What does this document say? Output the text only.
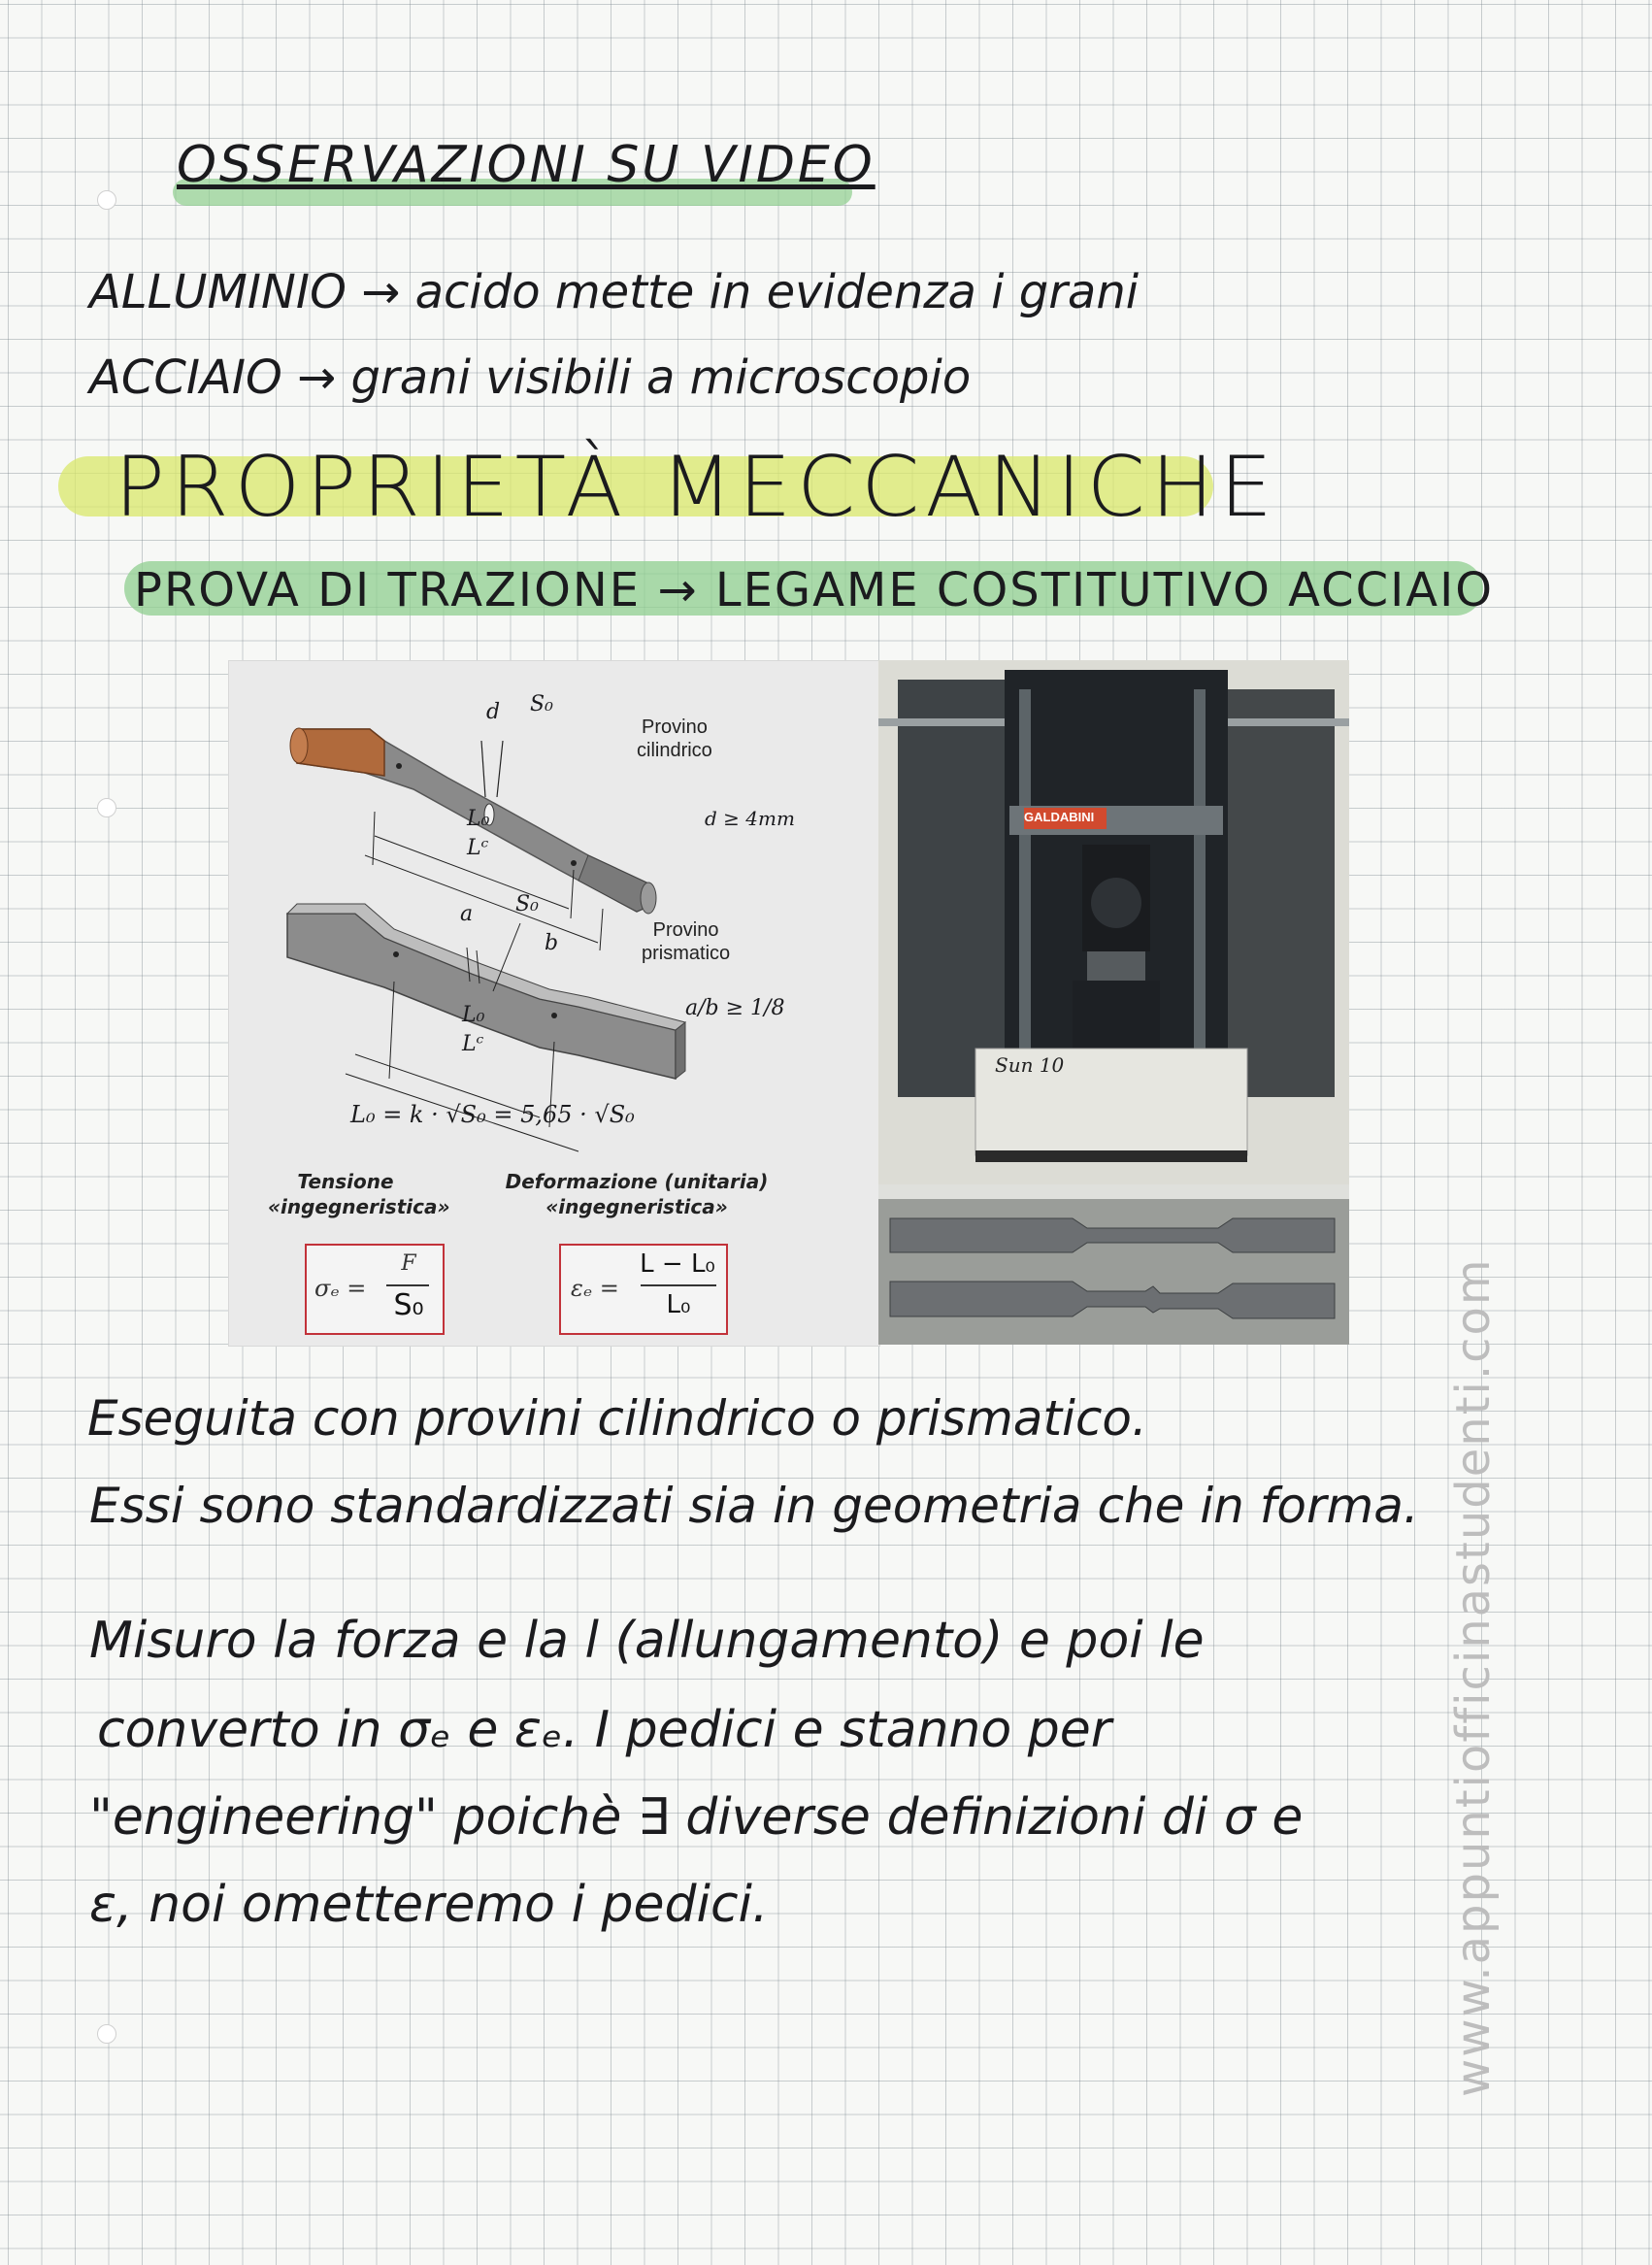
OSSERVAZIONI SU VIDEO
ALLUMINIO → acido mette in evidenza i grani
ACCIAIO → grani visibili a microscopio
PROPRIETÀ MECCANICHE
PROVA DI TRAZIONE → LEGAME COSTITUTIVO ACCIAIO
d S₀
L₀
Lᶜ
Provino
cilindrico
d ≥ 4mm
a S₀
b
Provino
prismatico
a/b ≥ 1/8
L₀
Lᶜ
L₀ = k · √S₀ = 5,65 · √S₀
Tensione
«ingegneristica»
Deformazione (unitaria)
«ingegneristica»
σₑ =
F
S₀	εₑ =
L − L₀
L₀
GALDABINI
Sun 10
Eseguita con provini cilindrico o prismatico.
Essi sono standardizzati sia in geometria che in forma.
Misuro la forza e la l (allungamento) e poi le
converto in σₑ e εₑ. I pedici e stanno per
"engineering" poichè ∃ diverse definizioni di σ e
ε, noi ometteremo i pedici.	www.appuntiofficinastudenti.com
